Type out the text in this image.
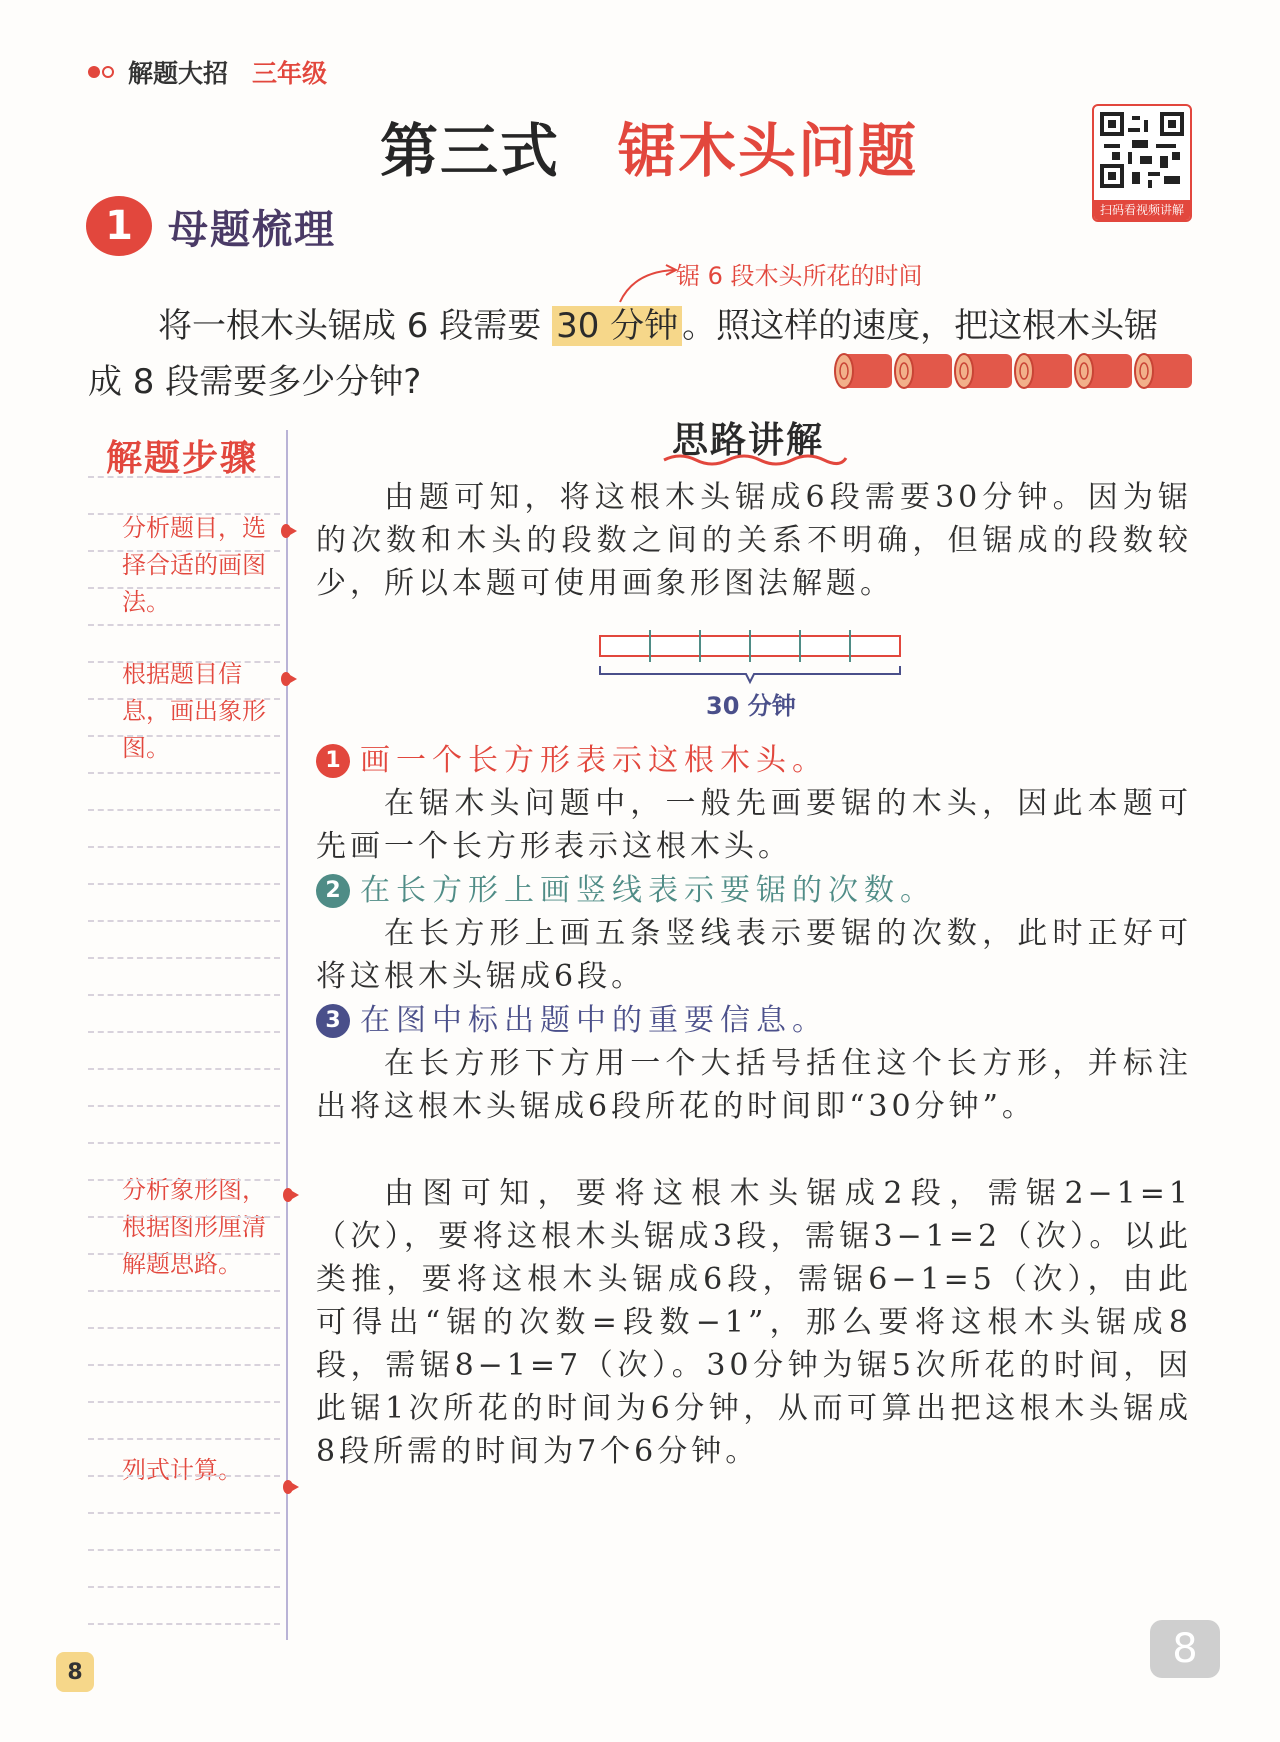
解题大招 三年级
第三式 锯木头问题
扫码看视频讲解
1 母题梳理
锯 6 段木头所花的时间
将一根木头锯成 6 段需要 30 分钟 。照这样的速度，把这根木头锯
成 8 段需要多少分钟?
解题步骤
分析题目，选择合适的画图法。
根据题目信息，画出象形图。
分析象形图，根据图形厘清解题思路。
列式计算。
思路讲解
由题可知，将这根木头锯成6段需要30分钟。因为锯的次数和木头的段数之间的关系不明确，但锯成的段数较少，所以本题可使用画象形图法解题。
30 分钟
1 画一个长方形表示这根木头。
在锯木头问题中，一般先画要锯的木头，因此本题可先画一个长方形表示这根木头。
2 在长方形上画竖线表示要锯的次数。
在长方形上画五条竖线表示要锯的次数，此时正好可将这根木头锯成6段。
3 在图中标出题中的重要信息。
在长方形下方用一个大括号括住这个长方形，并标注出将这根木头锯成6段所花的时间即“30分钟”。
由图可知，要将这根木头锯成2段，需锯2−1=1（次），要将这根木头锯成3段，需锯3−1=2（次）。以此类推，要将这根木头锯成6段，需锯6−1=5（次），由此可得出“锯的次数=段数−1”，那么要将这根木头锯成8段，需锯8−1=7（次）。30分钟为锯5次所花的时间，因此锯1次所花的时间为6分钟，从而可算出把这根木头锯成8段所需的时间为7个6分钟。
8	8
